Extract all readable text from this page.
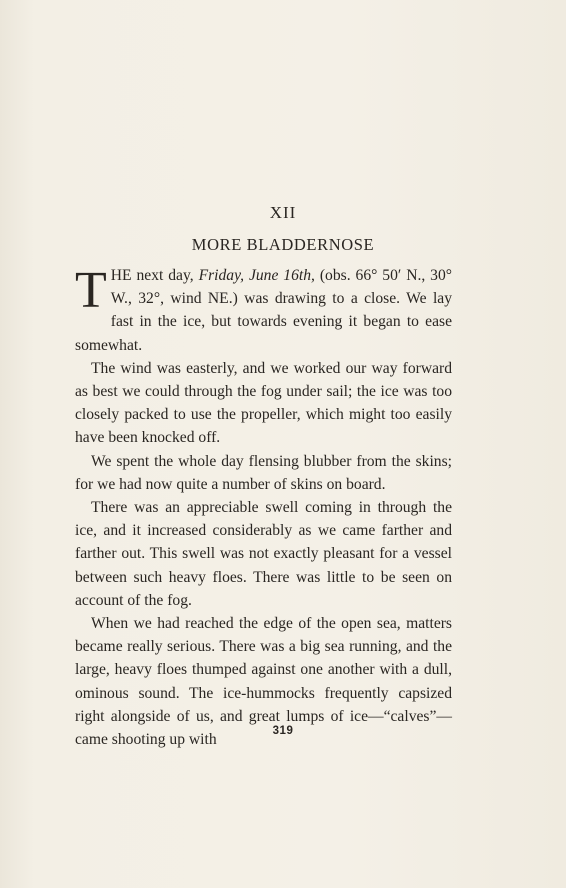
XII
MORE BLADDERNOSE

THE next day, Friday, June 16th, (obs. 66° 50′ N., 30° W., 32°, wind NE.) was drawing to a close. We lay fast in the ice, but towards evening it began to ease somewhat.

The wind was easterly, and we worked our way forward as best we could through the fog under sail; the ice was too closely packed to use the propeller, which might too easily have been knocked off.

We spent the whole day flensing blubber from the skins; for we had now quite a number of skins on board.

There was an appreciable swell coming in through the ice, and it increased considerably as we came farther and farther out. This swell was not exactly pleasant for a vessel between such heavy floes. There was little to be seen on account of the fog.

When we had reached the edge of the open sea, matters became really serious. There was a big sea running, and the large, heavy floes thumped against one another with a dull, ominous sound. The ice-hummocks frequently capsized right alongside of us, and great lumps of ice—“calves”—came shooting up with

319
